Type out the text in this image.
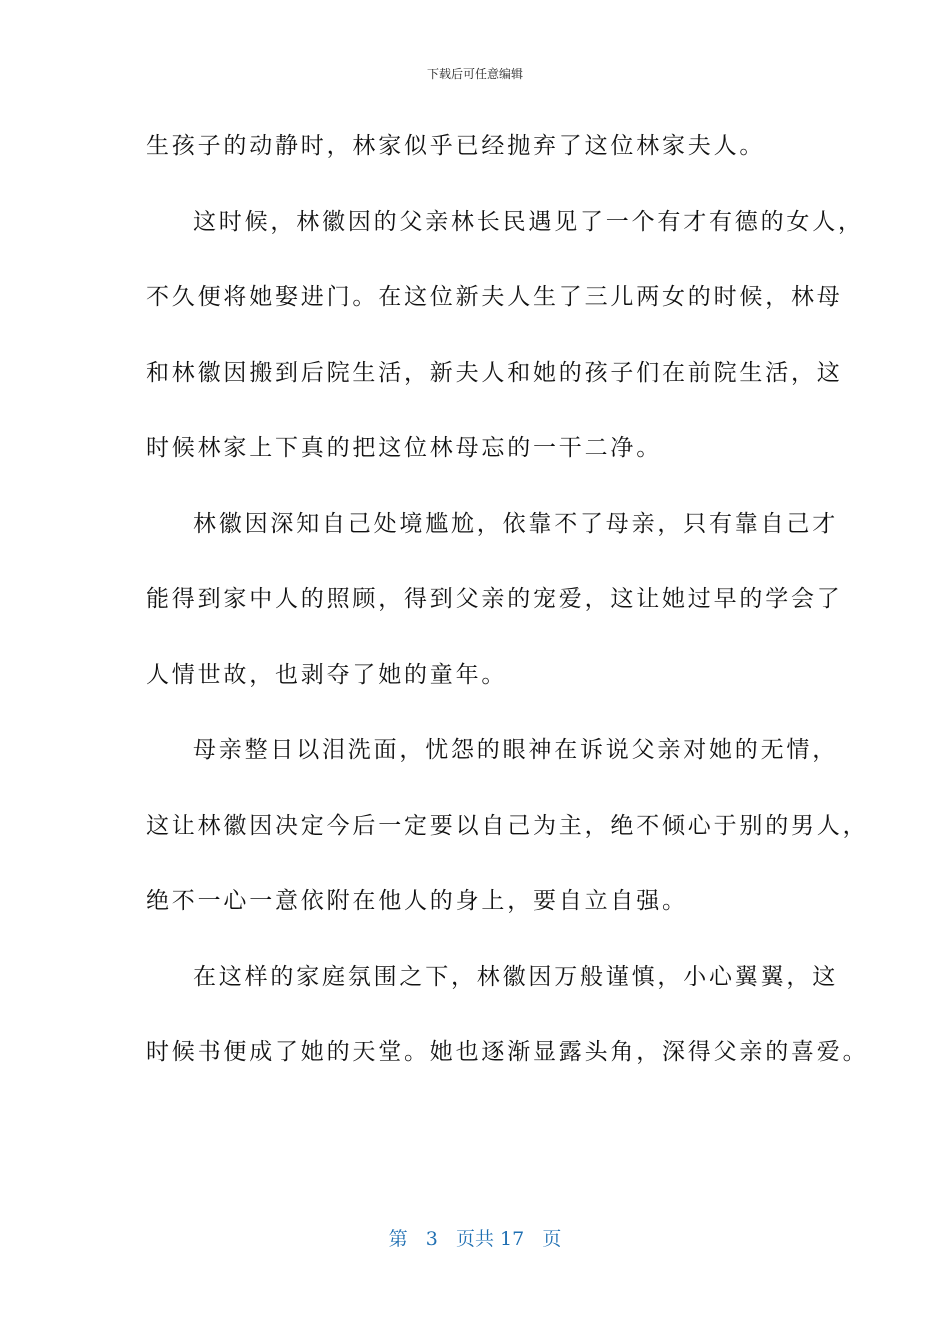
下载后可任意编辑
生孩子的动静时，林家似乎已经抛弃了这位林家夫人。
这时候，林徽因的父亲林长民遇见了一个有才有德的女人，
不久便将她娶进门。在这位新夫人生了三儿两女的时候，林母
和林徽因搬到后院生活，新夫人和她的孩子们在前院生活，这
时候林家上下真的把这位林母忘的一干二净。
林徽因深知自己处境尴尬，依靠不了母亲，只有靠自己才
能得到家中人的照顾，得到父亲的宠爱，这让她过早的学会了
人情世故，也剥夺了她的童年。
母亲整日以泪洗面，忧怨的眼神在诉说父亲对她的无情，
这让林徽因决定今后一定要以自己为主，绝不倾心于别的男人，
绝不一心一意依附在他人的身上，要自立自强。
在这样的家庭氛围之下，林徽因万般谨慎，小心翼翼，这
时候书便成了她的天堂。她也逐渐显露头角，深得父亲的喜爱。
第 3 页共 17 页
